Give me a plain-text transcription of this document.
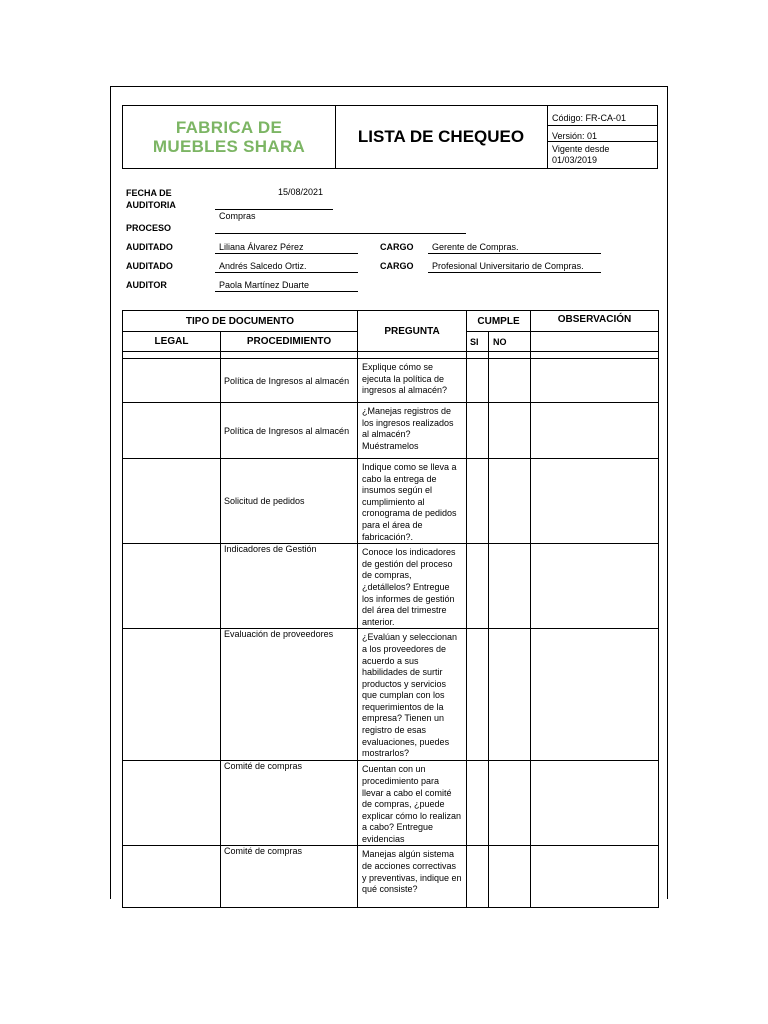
FABRICA DE
MUEBLES SHARA
LISTA DE CHEQUEO
Código: FR-CA-01
Versión: 01
Vigente desde
01/03/2019
FECHA DE
AUDITORIA
15/08/2021
Compras
PROCESO
AUDITADO	Liliana Álvarez Pérez	CARGO Gerente de Compras.
AUDITADO	Andrés Salcedo Ortiz.	CARGO Profesional Universitario de Compras.
AUDITOR	Paola Martínez Duarte
TIPO DE DOCUMENTO		PREGUNTA	CUMPLE		OBSERVACIÓN
LEGAL	PROCEDIMIENTO		SI	NO	

	Política de Ingresos al almacén	Explique cómo se ejecuta la política de ingresos al almacén?			
	Política de Ingresos al almacén	¿Manejas registros de los ingresos realizados al almacén? Muéstramelos			
	Solicitud de pedidos	Indique como se lleva a cabo la entrega de insumos según el cumplimiento al cronograma de pedidos para el área de fabricación?.			
	Indicadores de Gestión	Conoce los indicadores de gestión del proceso de compras, ¿detállelos? Entregue los informes de gestión del área del trimestre anterior.			
	Evaluación de proveedores	¿Evalúan y seleccionan a los proveedores de acuerdo a sus habilidades de surtir productos y servicios que cumplan con los requerimientos de la empresa? Tienen un registro de esas evaluaciones, puedes mostrarlos?			
	Comité de compras	Cuentan con un procedimiento para llevar a cabo el comité de compras, ¿puede explicar cómo lo realizan a cabo? Entregue evidencias			
	Comité de compras	Manejas algún sistema de acciones correctivas y preventivas, indique en qué consiste?			
